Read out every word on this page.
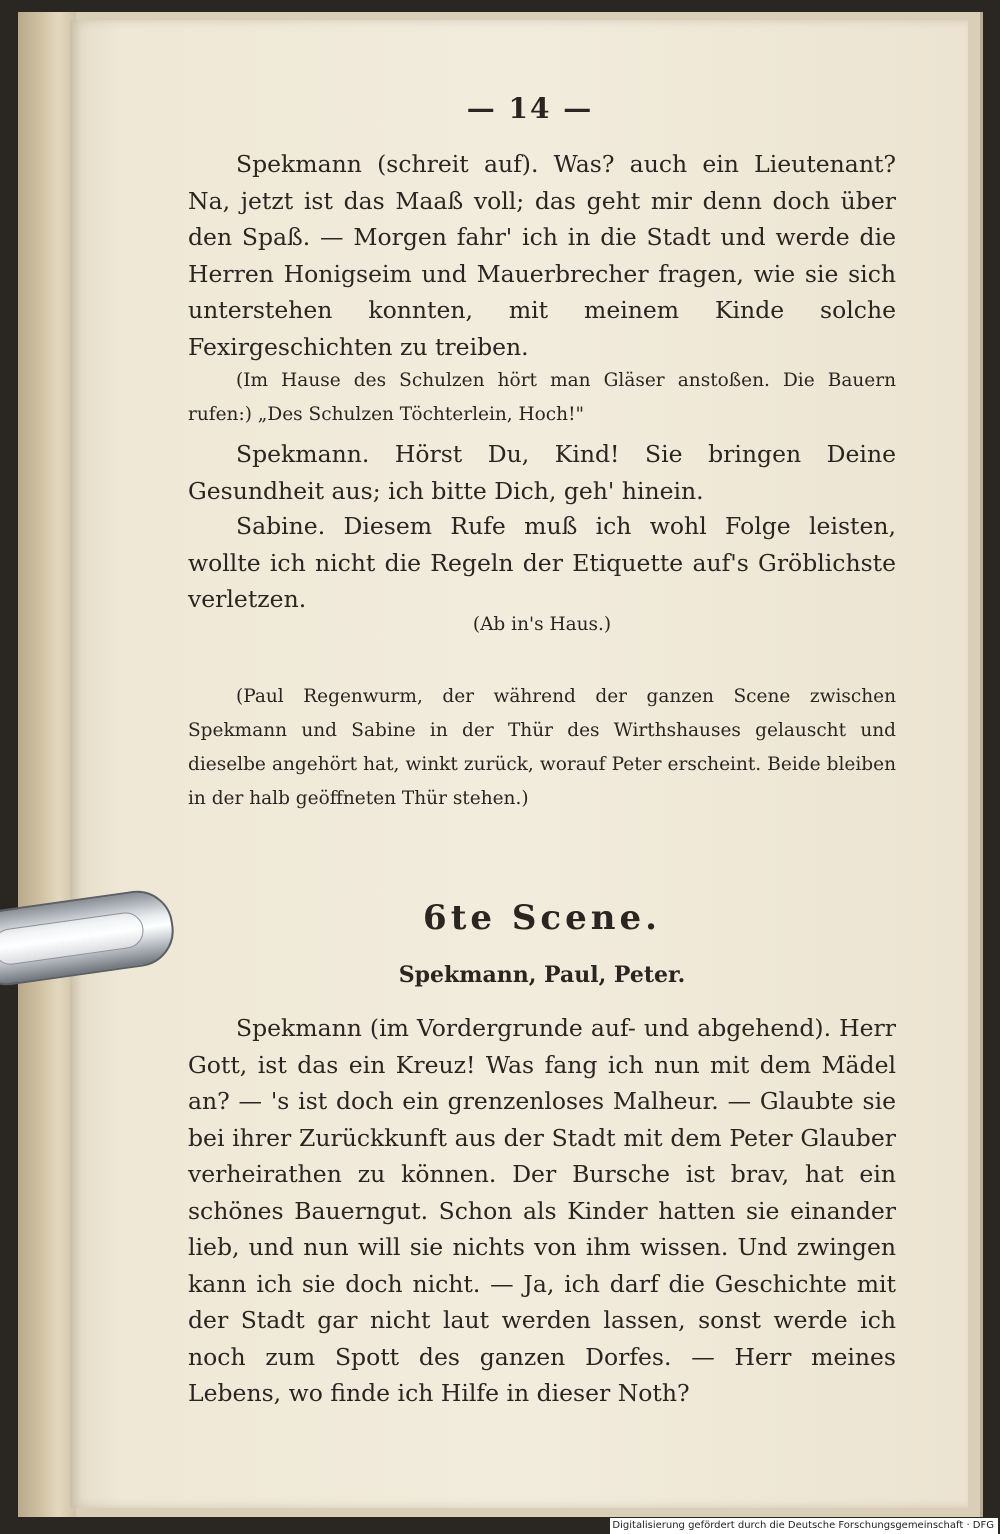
— 14 —
Spekmann (schreit auf). Was? auch ein Lieutenant? Na, jetzt ist das Maaß voll; das geht mir denn doch über den Spaß. — Morgen fahr' ich in die Stadt und werde die Herren Honigseim und Mauerbrecher fragen, wie sie sich unterstehen konnten, mit meinem Kinde solche Fexirgeschichten zu treiben.
(Im Hause des Schulzen hört man Gläser anstoßen. Die Bauern rufen:) „Des Schulzen Töchterlein, Hoch!"
Spekmann. Hörst Du, Kind! Sie bringen Deine Gesundheit aus; ich bitte Dich, geh' hinein.
Sabine. Diesem Rufe muß ich wohl Folge leisten, wollte ich nicht die Regeln der Etiquette auf's Gröblichste verletzen.
(Ab in's Haus.)
(Paul Regenwurm, der während der ganzen Scene zwischen Spekmann und Sabine in der Thür des Wirthshauses gelauscht und dieselbe angehört hat, winkt zurück, worauf Peter erscheint. Beide bleiben in der halb geöffneten Thür stehen.)
6te Scene.
Spekmann, Paul, Peter.
Spekmann (im Vordergrunde auf- und abgehend). Herr Gott, ist das ein Kreuz! Was fang ich nun mit dem Mädel an? — 's ist doch ein grenzenloses Malheur. — Glaubte sie bei ihrer Zurückkunft aus der Stadt mit dem Peter Glauber verheirathen zu können. Der Bursche ist brav, hat ein schönes Bauerngut. Schon als Kinder hatten sie einander lieb, und nun will sie nichts von ihm wissen. Und zwingen kann ich sie doch nicht. — Ja, ich darf die Geschichte mit der Stadt gar nicht laut werden lassen, sonst werde ich noch zum Spott des ganzen Dorfes. — Herr meines Lebens, wo finde ich Hilfe in dieser Noth?
Digitalisierung gefördert durch die Deutsche Forschungsgemeinschaft · DFG
